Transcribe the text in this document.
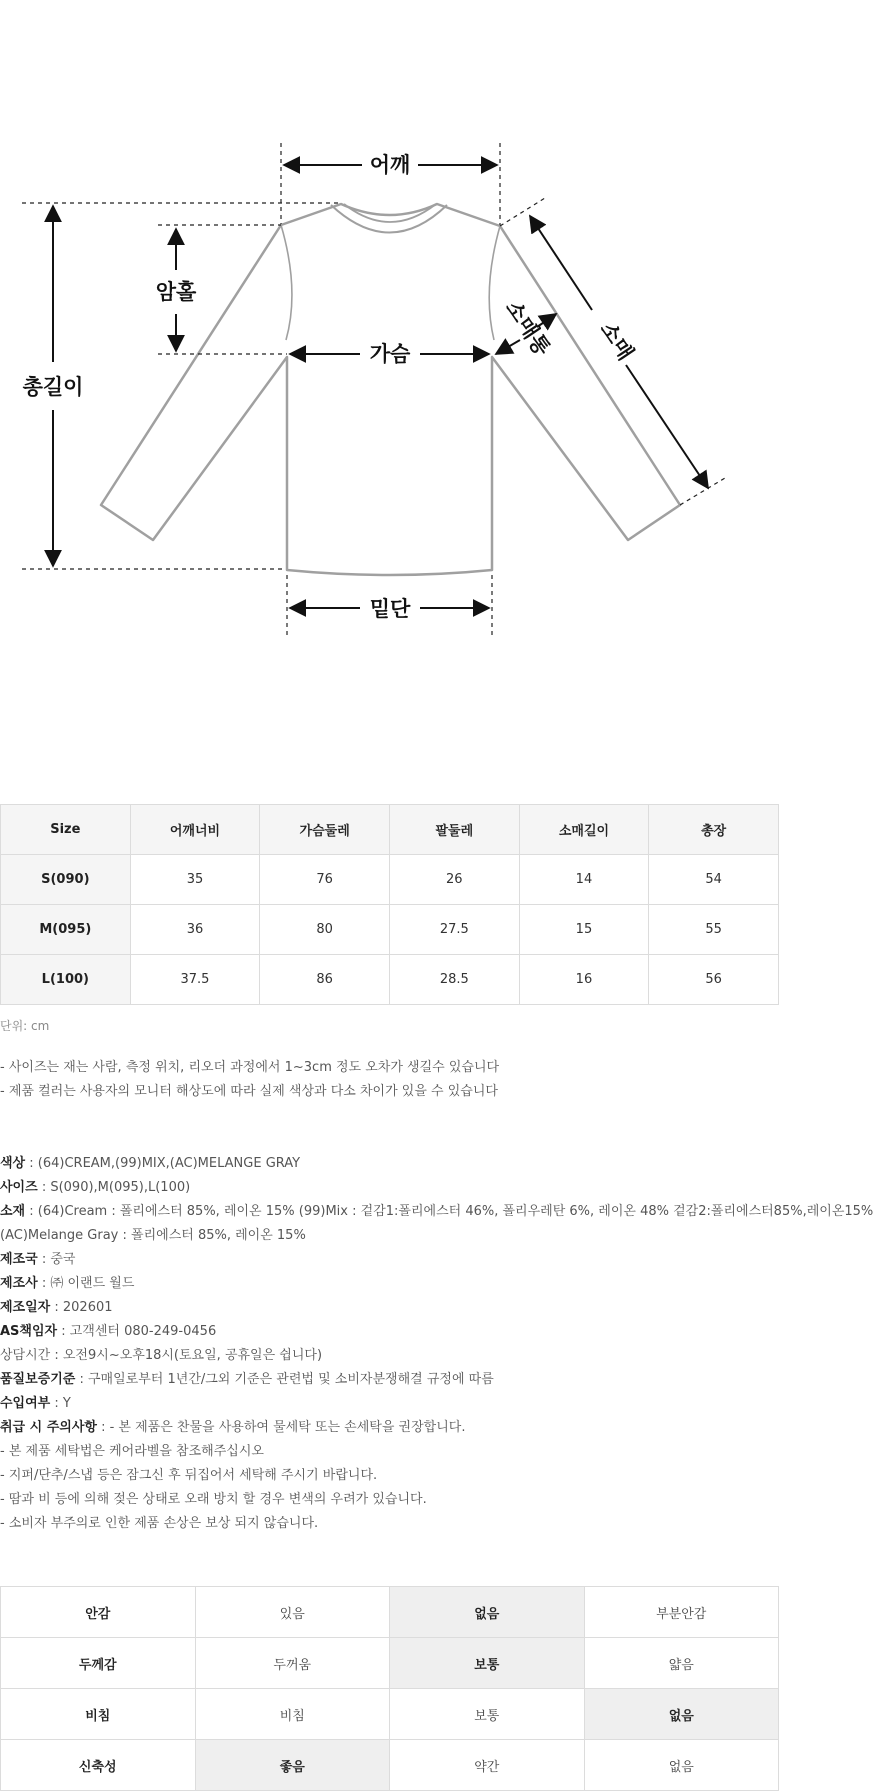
어깨
암홀
총길이
가슴
밑단
소매통 소매
Size	어깨너비	가슴둘레	팔둘레	소매길이	총장
S(090)	35	76	26	14	54
M(095)	36	80	27.5	15	55
L(100)	37.5	86	28.5	16	56
단위: cm
- 사이즈는 재는 사람, 측정 위치, 리오더 과정에서 1~3cm 정도 오차가 생길수 있습니다
- 제품 컬러는 사용자의 모니터 해상도에 따라 실제 색상과 다소 차이가 있을 수 있습니다
색상 : (64)CREAM,(99)MIX,(AC)MELANGE GRAY
사이즈 : S(090),M(095),L(100)
소재 : (64)Cream : 폴리에스터 85%, 레이온 15% (99)Mix : 겉감1:폴리에스터 46%, 폴리우레탄 6%, 레이온 48% 겉감2:폴리에스터85%,레이온15%
(AC)Melange Gray : 폴리에스터 85%, 레이온 15%
제조국 : 중국
제조사 : ㈜ 이랜드 월드
제조일자 : 202601
AS책임자 : 고객센터 080-249-0456
상담시간 : 오전9시~오후18시(토요일, 공휴일은 쉽니다)
품질보증기준 : 구매일로부터 1년간/그외 기준은 관련법 및 소비자분쟁해결 규정에 따름
수입여부 : Y
취급 시 주의사항 : - 본 제품은 찬물을 사용하여 물세탁 또는 손세탁을 권장합니다.
- 본 제품 세탁법은 케어라벨을 참조해주십시오
- 지퍼/단추/스냅 등은 잠그신 후 뒤집어서 세탁해 주시기 바랍니다.
- 땀과 비 등에 의해 젖은 상태로 오래 방치 할 경우 변색의 우려가 있습니다.
- 소비자 부주의로 인한 제품 손상은 보상 되지 않습니다.
안감	있음	없음	부분안감
두께감	두꺼움	보통	얇음
비침	비침	보통	없음
신축성	좋음	약간	없음
